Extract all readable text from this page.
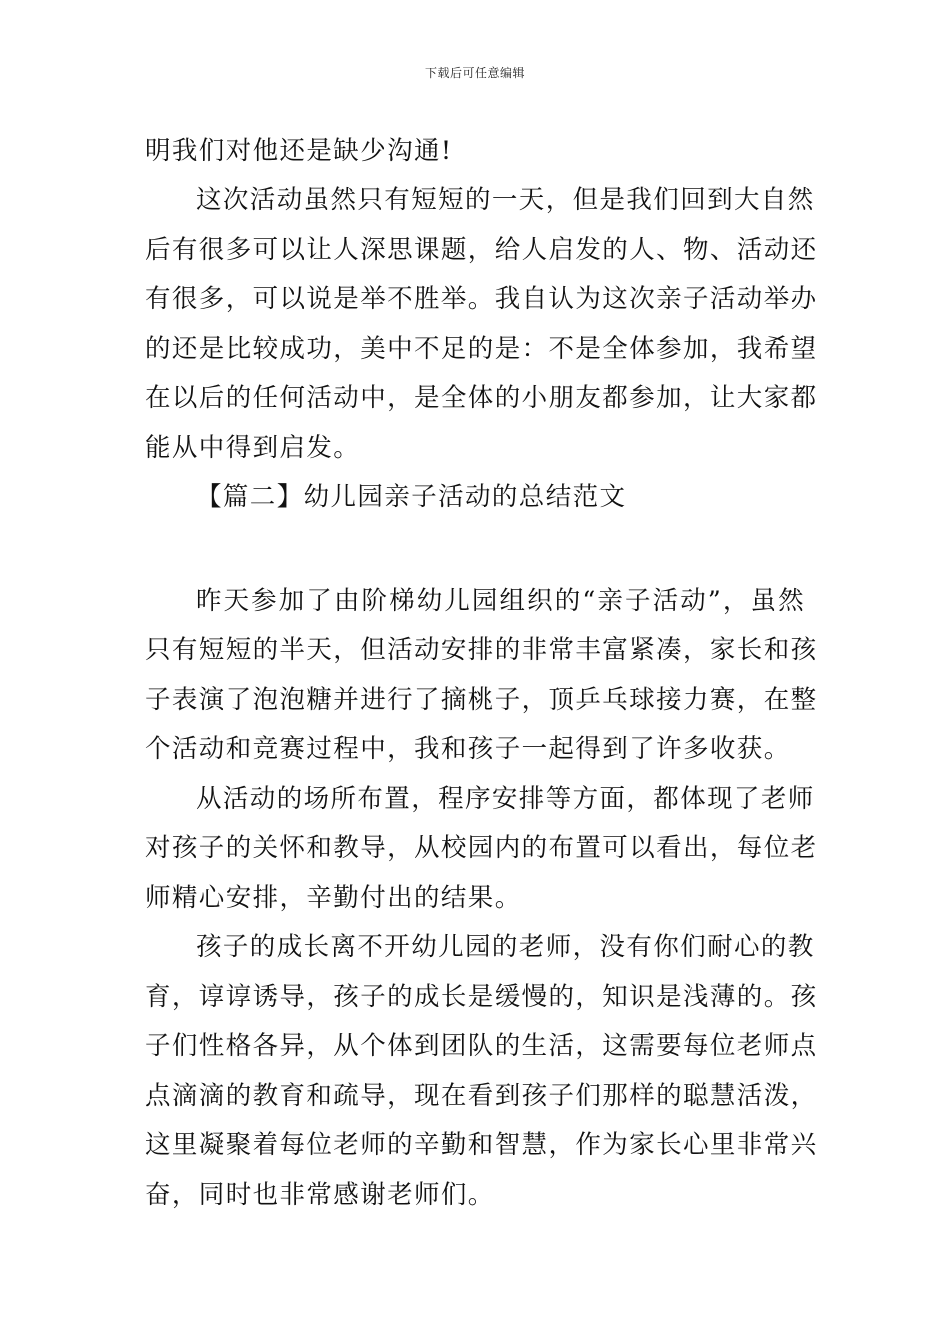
下载后可任意编辑
明我们对他还是缺少沟通!
这次活动虽然只有短短的一天，但是我们回到大自然
后有很多可以让人深思课题，给人启发的人、物、活动还
有很多，可以说是举不胜举。我自认为这次亲子活动举办
的还是比较成功，美中不足的是：不是全体参加，我希望
在以后的任何活动中，是全体的小朋友都参加，让大家都
能从中得到启发。
【篇二】幼儿园亲子活动的总结范文
昨天参加了由阶梯幼儿园组织的“亲子活动”，虽然
只有短短的半天，但活动安排的非常丰富紧凑，家长和孩
子表演了泡泡糖并进行了摘桃子，顶乒乓球接力赛，在整
个活动和竞赛过程中，我和孩子一起得到了许多收获。
从活动的场所布置，程序安排等方面，都体现了老师
对孩子的关怀和教导，从校园内的布置可以看出，每位老
师精心安排，辛勤付出的结果。
孩子的成长离不开幼儿园的老师，没有你们耐心的教
育，谆谆诱导，孩子的成长是缓慢的，知识是浅薄的。孩
子们性格各异，从个体到团队的生活，这需要每位老师点
点滴滴的教育和疏导，现在看到孩子们那样的聪慧活泼，
这里凝聚着每位老师的辛勤和智慧，作为家长心里非常兴
奋，同时也非常感谢老师们。
